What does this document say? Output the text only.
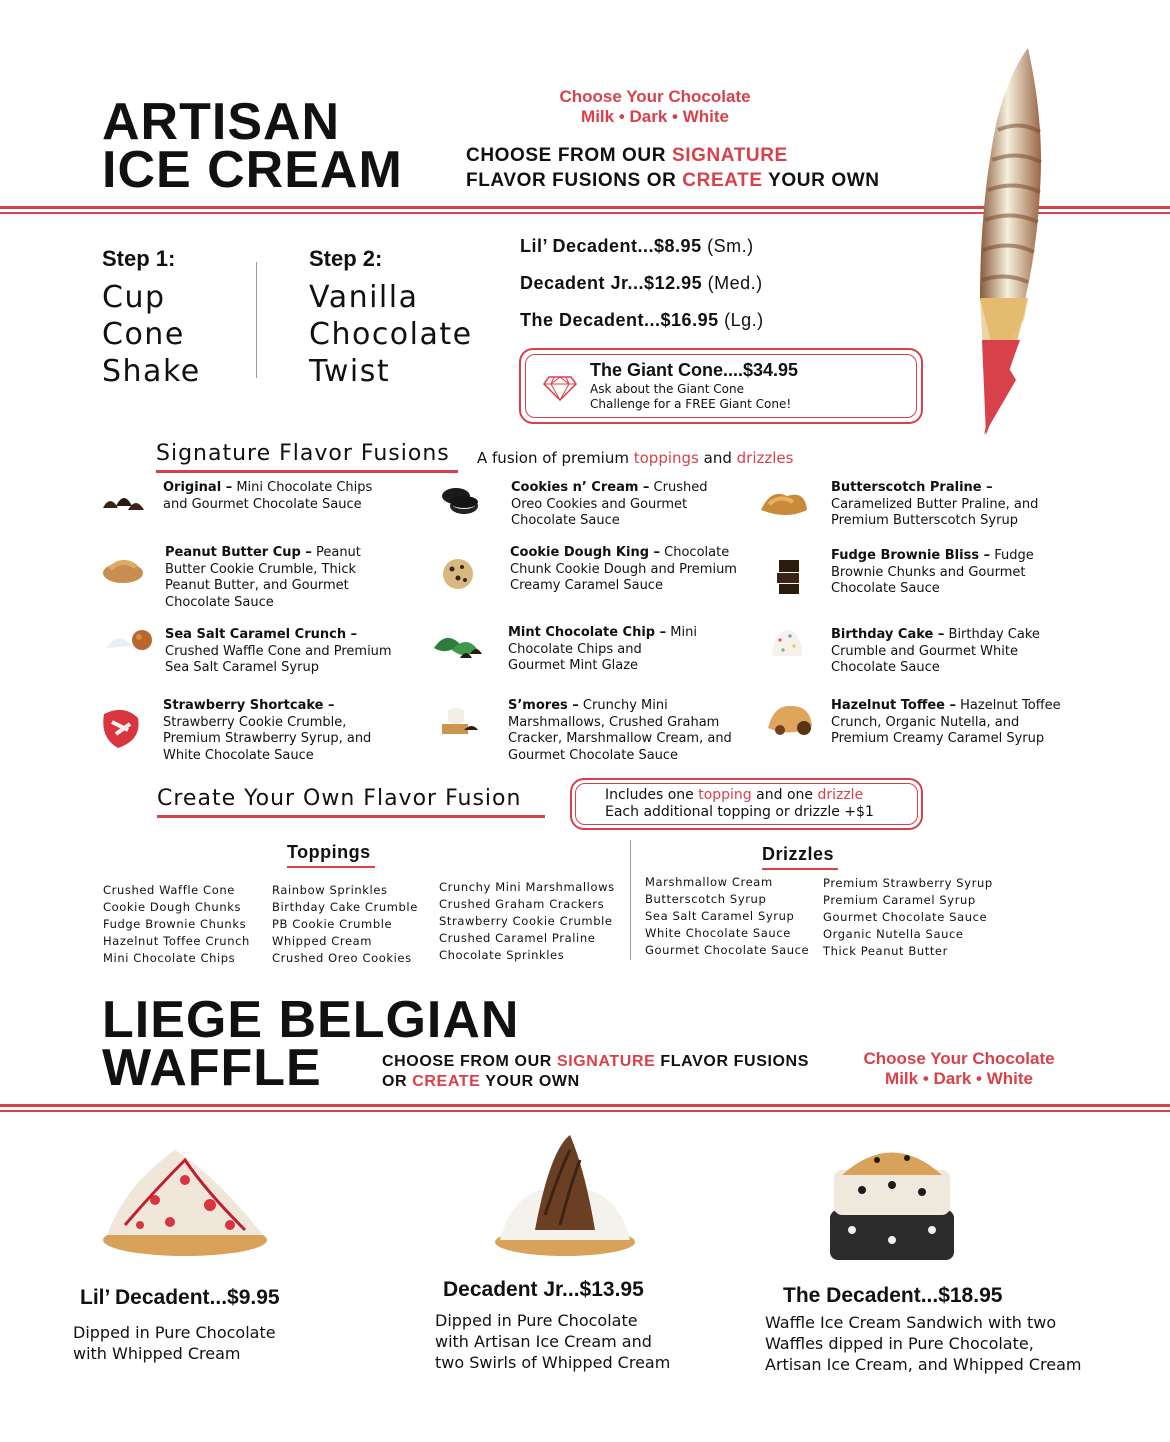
ARTISAN
ICE CREAM
Choose Your Chocolate
Milk • Dark • White
CHOOSE FROM OUR SIGNATURE
FLAVOR FUSIONS OR CREATE YOUR OWN
Step 1:
Cup
Cone
Shake
Step 2:
Vanilla
Chocolate
Twist
Lil’ Decadent...$8.95 (Sm.)
Decadent Jr...$12.95 (Med.)
The Decadent...$16.95 (Lg.)
The Giant Cone....$34.95
Ask about the Giant Cone
Challenge for a FREE Giant Cone!
Signature Flavor Fusions A fusion of premium toppings and drizzles
Original – Mini Chocolate Chips and Gourmet Chocolate Sauce
Cookies n’ Cream – Crushed Oreo Cookies and Gourmet Chocolate Sauce
Butterscotch Praline – Caramelized Butter Praline, and Premium Butterscotch Syrup
Peanut Butter Cup – Peanut Butter Cookie Crumble, Thick Peanut Butter, and Gourmet Chocolate Sauce
Cookie Dough King – Chocolate Chunk Cookie Dough and Premium Creamy Caramel Sauce
Fudge Brownie Bliss – Fudge Brownie Chunks and Gourmet Chocolate Sauce
Sea Salt Caramel Crunch – Crushed Waffle Cone and Premium Sea Salt Caramel Syrup
Mint Chocolate Chip – Mini Chocolate Chips and Gourmet Mint Glaze
Birthday Cake – Birthday Cake Crumble and Gourmet White Chocolate Sauce
Strawberry Shortcake – Strawberry Cookie Crumble, Premium Strawberry Syrup, and White Chocolate Sauce
S’mores – Crunchy Mini Marshmallows, Crushed Graham Cracker, Marshmallow Cream, and Gourmet Chocolate Sauce
Hazelnut Toffee – Hazelnut Toffee Crunch, Organic Nutella, and Premium Creamy Caramel Syrup
Create Your Own Flavor Fusion	Includes one topping and one drizzle
Each additional topping or drizzle +$1
Toppings	Drizzles
Crushed Waffle Cone
Cookie Dough Chunks
Fudge Brownie Chunks
Hazelnut Toffee Crunch
Mini Chocolate Chips
Rainbow Sprinkles
Birthday Cake Crumble
PB Cookie Crumble
Whipped Cream
Crushed Oreo Cookies
Crunchy Mini Marshmallows
Crushed Graham Crackers
Strawberry Cookie Crumble
Crushed Caramel Praline
Chocolate Sprinkles
Marshmallow Cream
Butterscotch Syrup
Sea Salt Caramel Syrup
White Chocolate Sauce
Gourmet Chocolate Sauce
Premium Strawberry Syrup
Premium Caramel Syrup
Gourmet Chocolate Sauce
Organic Nutella Sauce
Thick Peanut Butter
LIEGE BELGIAN
WAFFLE	CHOOSE FROM OUR SIGNATURE FLAVOR FUSIONS
OR CREATE YOUR OWN
Choose Your Chocolate
Milk • Dark • White
Lil’ Decadent...$9.95
Dipped in Pure Chocolate
with Whipped Cream
Decadent Jr...$13.95
Dipped in Pure Chocolate
with Artisan Ice Cream and
two Swirls of Whipped Cream
The Decadent...$18.95
Waffle Ice Cream Sandwich with two
Waffles dipped in Pure Chocolate,
Artisan Ice Cream, and Whipped Cream
